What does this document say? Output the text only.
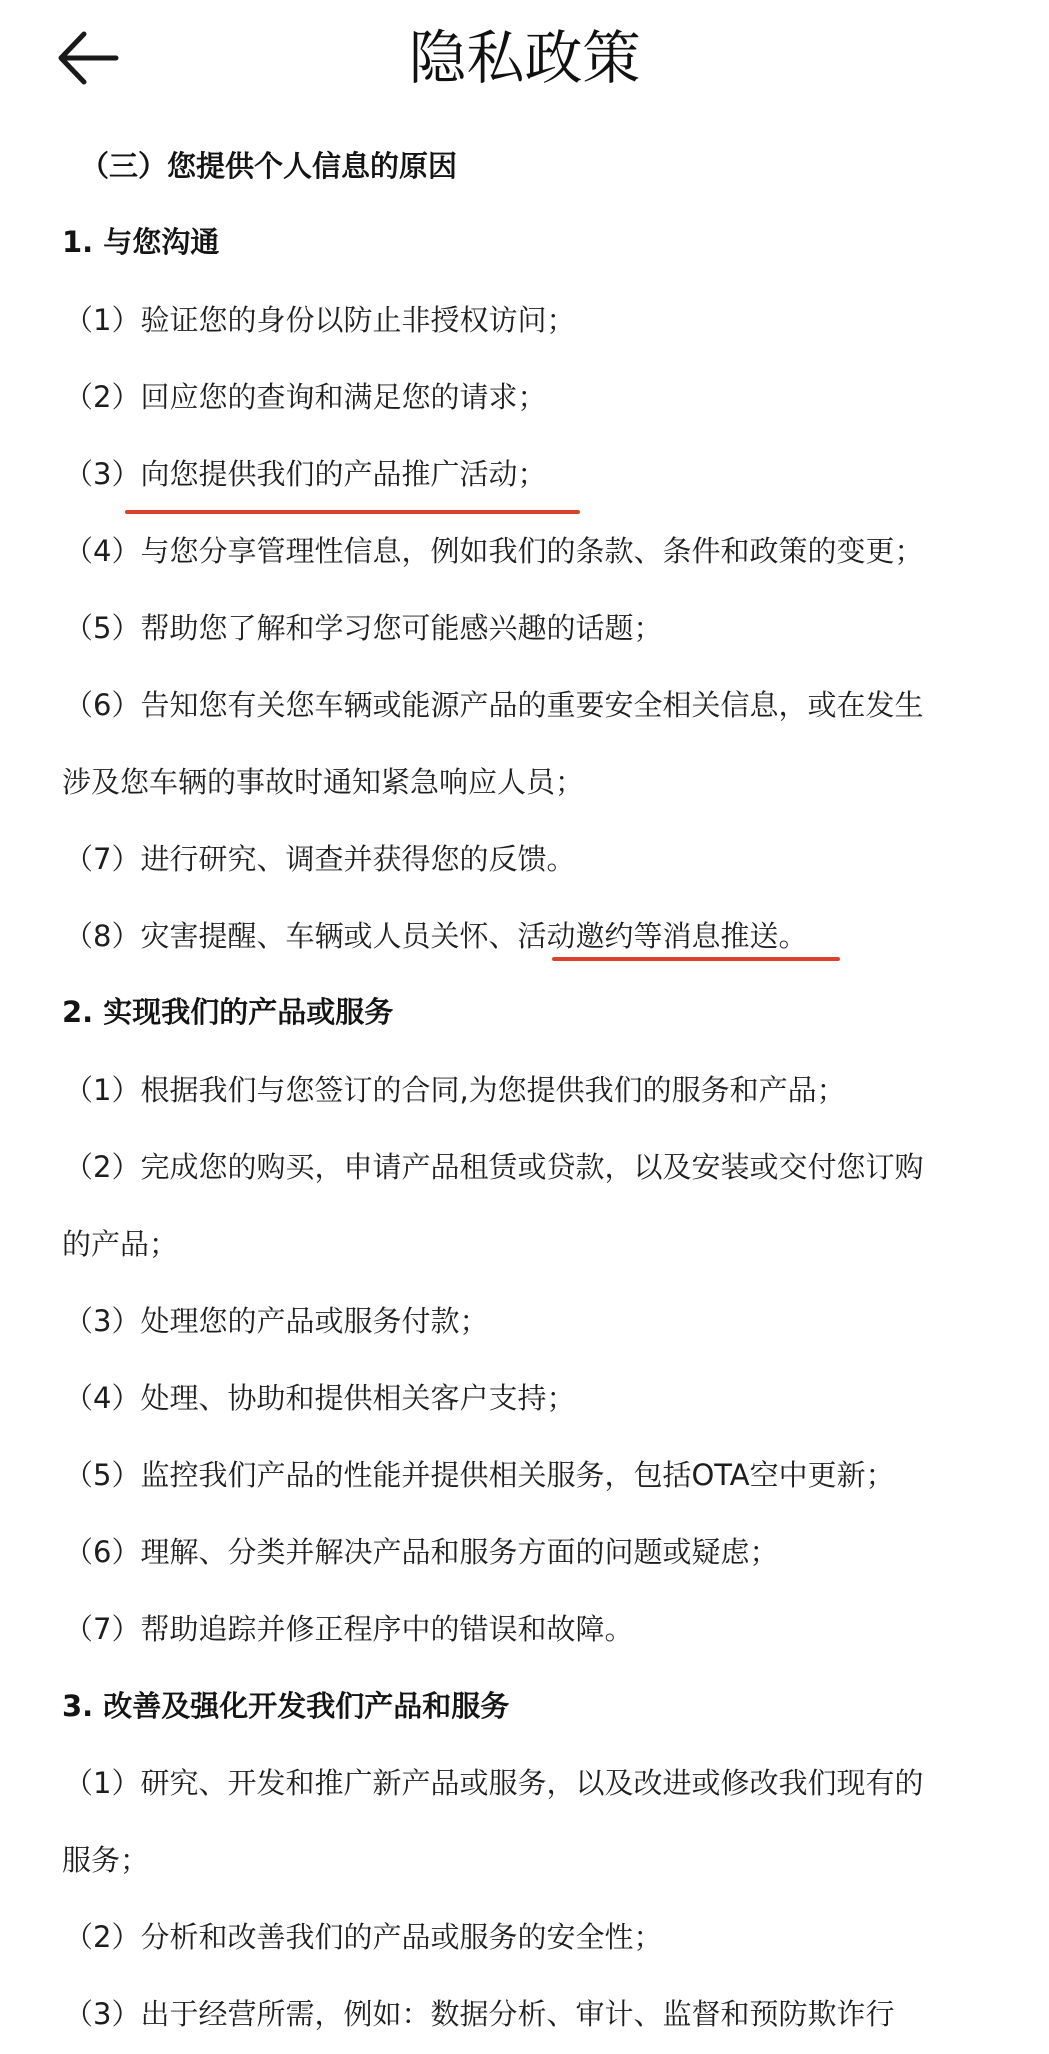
隐私政策
（三）您提供个人信息的原因
1. 与您沟通
（1）验证您的身份以防止非授权访问；
（2）回应您的查询和满足您的请求；
（3）向您提供我们的产品推广活动；
（4）与您分享管理性信息，例如我们的条款、条件和政策的变更；
（5）帮助您了解和学习您可能感兴趣的话题；
（6）告知您有关您车辆或能源产品的重要安全相关信息，或在发生
涉及您车辆的事故时通知紧急响应人员；
（7）进行研究、调查并获得您的反馈。
（8）灾害提醒、车辆或人员关怀、活动邀约等消息推送。
2. 实现我们的产品或服务
（1）根据我们与您签订的合同,为您提供我们的服务和产品；
（2）完成您的购买，申请产品租赁或贷款，以及安装或交付您订购
的产品；
（3）处理您的产品或服务付款；
（4）处理、协助和提供相关客户支持；
（5）监控我们产品的性能并提供相关服务，包括OTA空中更新；
（6）理解、分类并解决产品和服务方面的问题或疑虑；
（7）帮助追踪并修正程序中的错误和故障。
3. 改善及强化开发我们产品和服务
（1）研究、开发和推广新产品或服务，以及改进或修改我们现有的
服务；
（2）分析和改善我们的产品或服务的安全性；
（3）出于经营所需，例如：数据分析、审计、监督和预防欺诈行
